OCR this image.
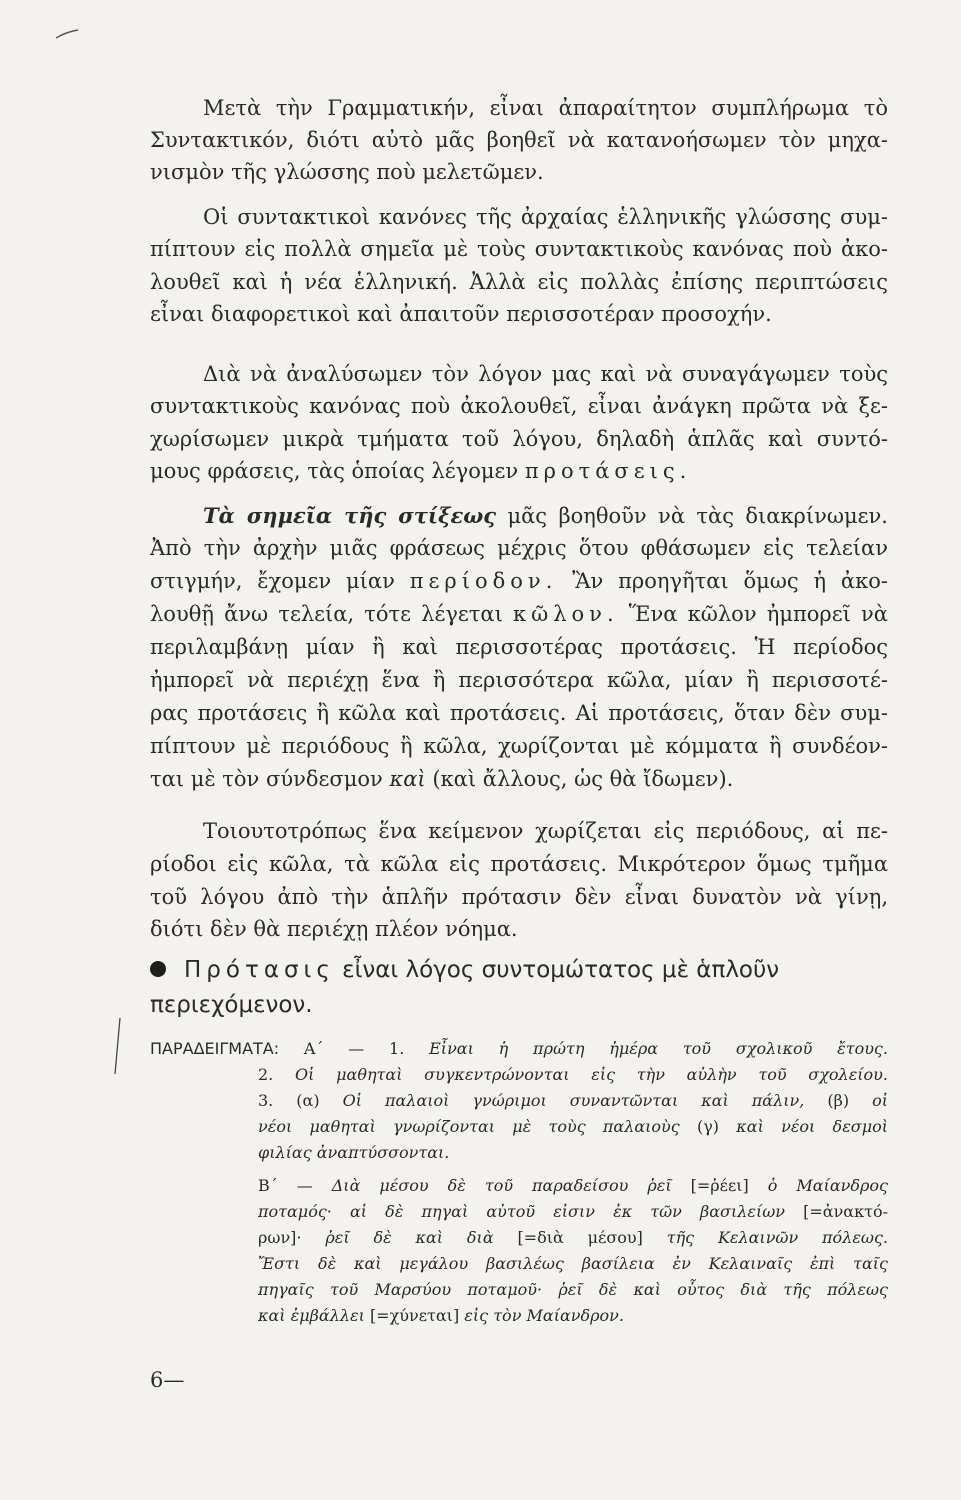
Μετὰ τὴν Γραμματικήν, εἶναι ἀπαραίτητον συμπλήρωμα τὸ
Συντακτικόν, διότι αὐτὸ μᾶς βοηθεῖ νὰ κατανοήσωμεν τὸν μηχα-
νισμὸν τῆς γλώσσης ποὺ μελετῶμεν.
Οἱ συντακτικοὶ κανόνες τῆς ἀρχαίας ἑλληνικῆς γλώσσης συμ-
πίπτουν εἰς πολλὰ σημεῖα μὲ τοὺς συντακτικοὺς κανόνας ποὺ ἀκο-
λουθεῖ καὶ ἡ νέα ἑλληνική. Ἀλλὰ εἰς πολλὰς ἐπίσης περιπτώσεις
εἶναι διαφορετικοὶ καὶ ἀπαιτοῦν περισσοτέραν προσοχήν.
Διὰ νὰ ἀναλύσωμεν τὸν λόγον μας καὶ νὰ συναγάγωμεν τοὺς
συντακτικοὺς κανόνας ποὺ ἀκολουθεῖ, εἶναι ἀνάγκη πρῶτα νὰ ξε-
χωρίσωμεν μικρὰ τμήματα τοῦ λόγου, δηλαδὴ ἁπλᾶς καὶ συντό-
μους φράσεις, τὰς ὁποίας λέγομεν προτάσεις.
Τὰ σημεῖα τῆς στίξεως μᾶς βοηθοῦν νὰ τὰς διακρίνωμεν.
Ἀπὸ τὴν ἀρχὴν μιᾶς φράσεως μέχρις ὅτου φθάσωμεν εἰς τελείαν
στιγμήν, ἔχομεν μίαν περίοδον. Ἂν προηγῆται ὅμως ἡ ἀκο-
λουθῇ ἄνω τελεία, τότε λέγεται κῶλον. Ἕνα κῶλον ἠμπορεῖ νὰ
περιλαμβάνῃ μίαν ἢ καὶ περισσοτέρας προτάσεις. Ἡ περίοδος
ἠμπορεῖ νὰ περιέχῃ ἕνα ἢ περισσότερα κῶλα, μίαν ἢ περισσοτέ-
ρας προτάσεις ἢ κῶλα καὶ προτάσεις. Αἱ προτάσεις, ὅταν δὲν συμ-
πίπτουν μὲ περιόδους ἢ κῶλα, χωρίζονται μὲ κόμματα ἢ συνδέον-
ται μὲ τὸν σύνδεσμον καὶ (καὶ ἄλλους, ὡς θὰ ἴδωμεν).
Τοιουτοτρόπως ἕνα κείμενον χωρίζεται εἰς περιόδους, αἱ πε-
ρίοδοι εἰς κῶλα, τὰ κῶλα εἰς προτάσεις. Μικρότερον ὅμως τμῆμα
τοῦ λόγου ἀπὸ τὴν ἁπλῆν πρότασιν δὲν εἶναι δυνατὸν νὰ γίνῃ,
διότι δὲν θὰ περιέχῃ πλέον νόημα.
Πρότασις εἶναι λόγος συντομώτατος μὲ ἁπλοῦν
περιεχόμενον.
ΠΑΡΑΔΕΙΓΜΑΤΑ: Α΄ — 1. Εἶναι ἡ πρώτη ἡμέρα τοῦ σχολικοῦ ἔτους.
2. Οἱ μαθηταὶ συγκεντρώνονται εἰς τὴν αὐλὴν τοῦ σχολείου.
3. (α) Οἱ παλαιοὶ γνώριμοι συναντῶνται καὶ πάλιν, (β) οἱ
νέοι μαθηταὶ γνωρίζονται μὲ τοὺς παλαιοὺς (γ) καὶ νέοι δεσμοὶ
φιλίας ἀναπτύσσονται.
Β΄ — Διὰ μέσου δὲ τοῦ παραδείσου ῥεῖ [=ῥέει] ὁ Μαίανδρος
ποταμός· αἱ δὲ πηγαὶ αὐτοῦ εἰσιν ἐκ τῶν βασιλείων [=ἀνακτό-
ρων]· ῥεῖ δὲ καὶ διὰ [=διὰ μέσου] τῆς Κελαινῶν πόλεως.
Ἔστι δὲ καὶ μεγάλου βασιλέως βασίλεια ἐν Κελαιναῖς ἐπὶ ταῖς
πηγαῖς τοῦ Μαρσύου ποταμοῦ· ῥεῖ δὲ καὶ οὗτος διὰ τῆς πόλεως
καὶ ἐμβάλλει [=χύνεται] εἰς τὸν Μαίανδρον.
6—
